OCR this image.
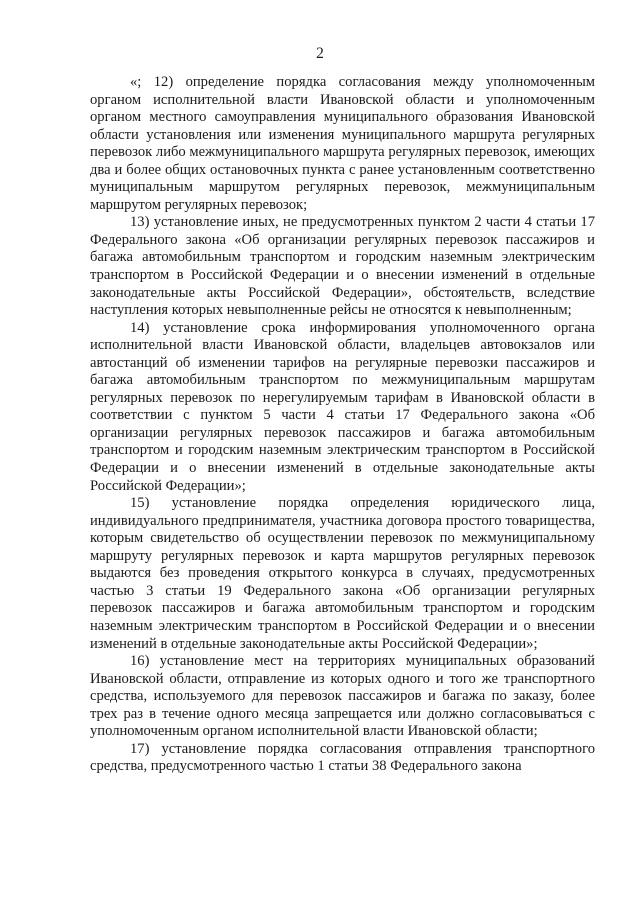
2

«; 12) определение порядка согласования между уполномоченным органом исполнительной власти Ивановской области и уполномоченным органом местного самоуправления муниципального образования Ивановской области установления или изменения муниципального маршрута регулярных перевозок либо межмуниципального маршрута регулярных перевозок, имеющих два и более общих остановочных пункта с ранее установленным соответственно муниципальным маршрутом регулярных перевозок, межмуниципальным маршрутом регулярных перевозок;

13) установление иных, не предусмотренных пунктом 2 части 4 статьи 17 Федерального закона «Об организации регулярных перевозок пассажиров и багажа автомобильным транспортом и городским наземным электрическим транспортом в Российской Федерации и о внесении изменений в отдельные законодательные акты Российской Федерации», обстоятельств, вследствие наступления которых невыполненные рейсы не относятся к невыполненным;

14) установление срока информирования уполномоченного органа исполнительной власти Ивановской области, владельцев автовокзалов или автостанций об изменении тарифов на регулярные перевозки пассажиров и багажа автомобильным транспортом по межмуниципальным маршрутам регулярных перевозок по нерегулируемым тарифам в Ивановской области в соответствии с пунктом 5 части 4 статьи 17 Федерального закона «Об организации регулярных перевозок пассажиров и багажа автомобильным транспортом и городским наземным электрическим транспортом в Российской Федерации и о внесении изменений в отдельные законодательные акты Российской Федерации»;

15) установление порядка определения юридического лица, индивидуального предпринимателя, участника договора простого товарищества, которым свидетельство об осуществлении перевозок по межмуниципальному маршруту регулярных перевозок и карта маршрутов регулярных перевозок выдаются без проведения открытого конкурса в случаях, предусмотренных частью 3 статьи 19 Федерального закона «Об организации регулярных перевозок пассажиров и багажа автомобильным транспортом и городским наземным электрическим транспортом в Российской Федерации и о внесении изменений в отдельные законодательные акты Российской Федерации»;

16) установление мест на территориях муниципальных образований Ивановской области, отправление из которых одного и того же транспортного средства, используемого для перевозок пассажиров и багажа по заказу, более трех раз в течение одного месяца запрещается или должно согласовываться с уполномоченным органом исполнительной власти Ивановской области;

17) установление порядка согласования отправления транспортного средства, предусмотренного частью 1 статьи 38 Федерального закона
